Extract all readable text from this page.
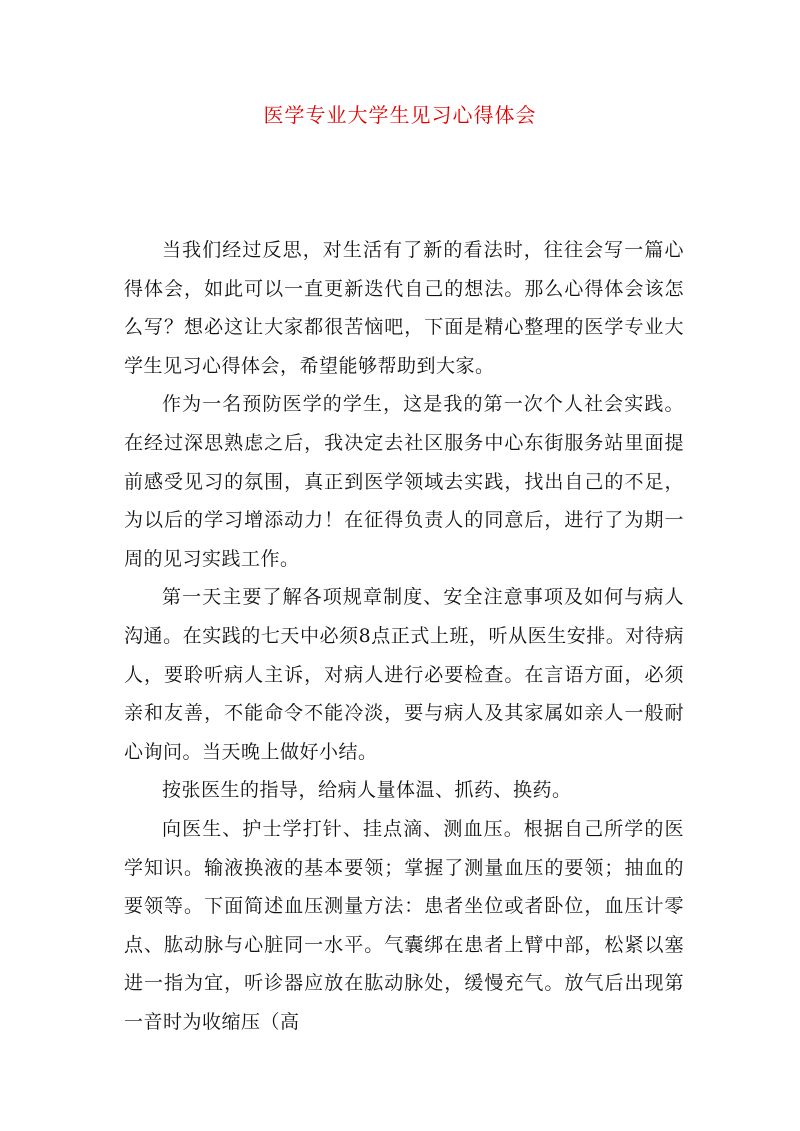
医学专业大学生见习心得体会

当我们经过反思，对生活有了新的看法时，往往会写一篇心得体会，如此可以一直更新迭代自己的想法。那么心得体会该怎么写？想必这让大家都很苦恼吧，下面是精心整理的医学专业大学生见习心得体会，希望能够帮助到大家。

作为一名预防医学的学生，这是我的第一次个人社会实践。在经过深思熟虑之后，我决定去社区服务中心东街服务站里面提前感受见习的氛围，真正到医学领域去实践，找出自己的不足，为以后的学习增添动力！在征得负责人的同意后，进行了为期一周的见习实践工作。

第一天主要了解各项规章制度、安全注意事项及如何与病人沟通。在实践的七天中必须8点正式上班，听从医生安排。对待病人，要聆听病人主诉，对病人进行必要检查。在言语方面，必须亲和友善，不能命令不能冷淡，要与病人及其家属如亲人一般耐心询问。当天晚上做好小结。

按张医生的指导，给病人量体温、抓药、换药。

向医生、护士学打针、挂点滴、测血压。根据自己所学的医学知识。输液换液的基本要领；掌握了测量血压的要领；抽血的要领等。下面简述血压测量方法：患者坐位或者卧位，血压计零点、肱动脉与心脏同一水平。气囊绑在患者上臂中部，松紧以塞进一指为宜，听诊器应放在肱动脉处，缓慢充气。放气后出现第一音时为收缩压（高
